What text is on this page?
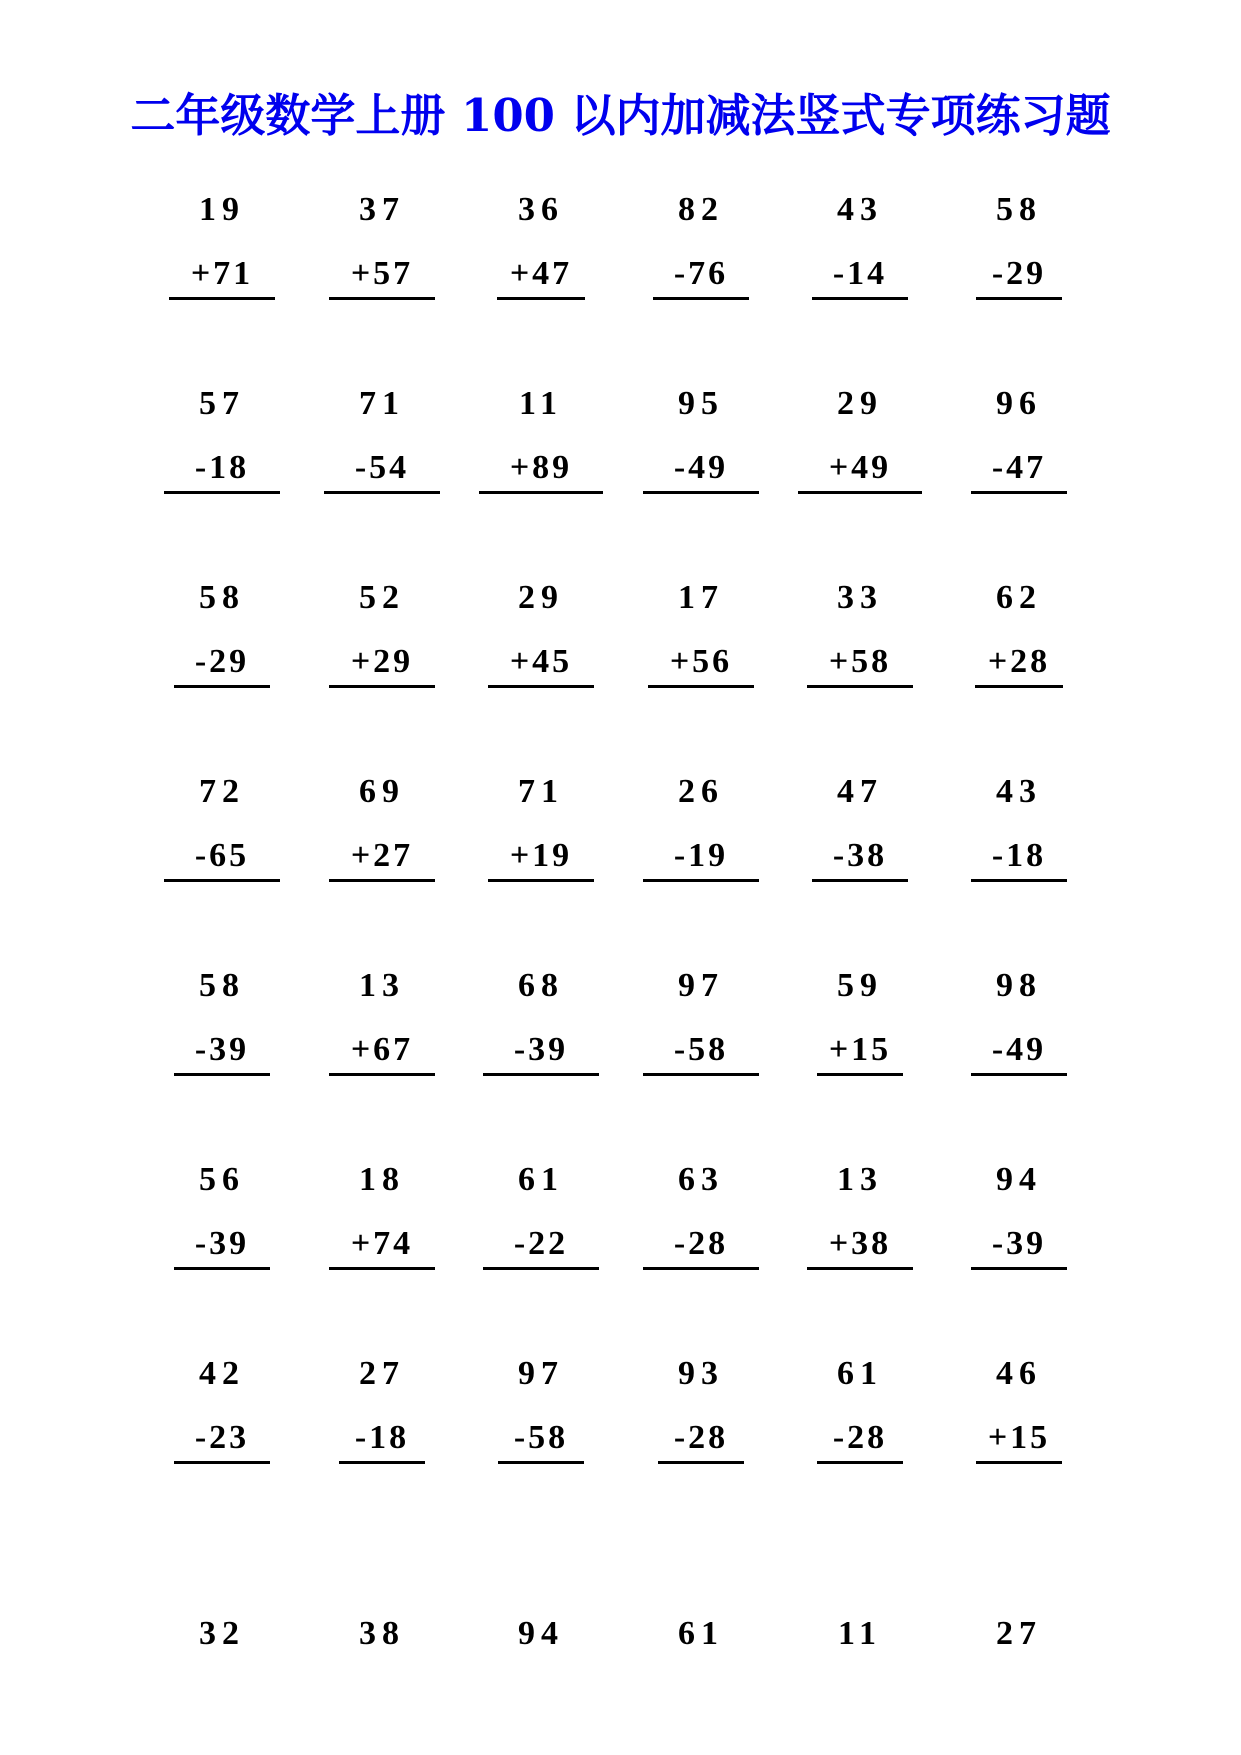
二年级数学上册 100 以内加减法竖式专项练习题
19
+71
37
+57
36
+47
82
-76
43
-14
58
-29
57
-18
71
-54
11
+89
95
-49
29
+49
96
-47
58
-29
52
+29
29
+45
17
+56
33
+58
62
+28
72
-65
69
+27
71
+19
26
-19
47
-38
43
-18
58
-39
13
+67
68
-39
97
-58
59
+15
98
-49
56
-39
18
+74
61
-22
63
-28
13
+38
94
-39
42
-23
27
-18
97
-58
93
-28
61
-28
46
+15
32	38	94	61	11	27
